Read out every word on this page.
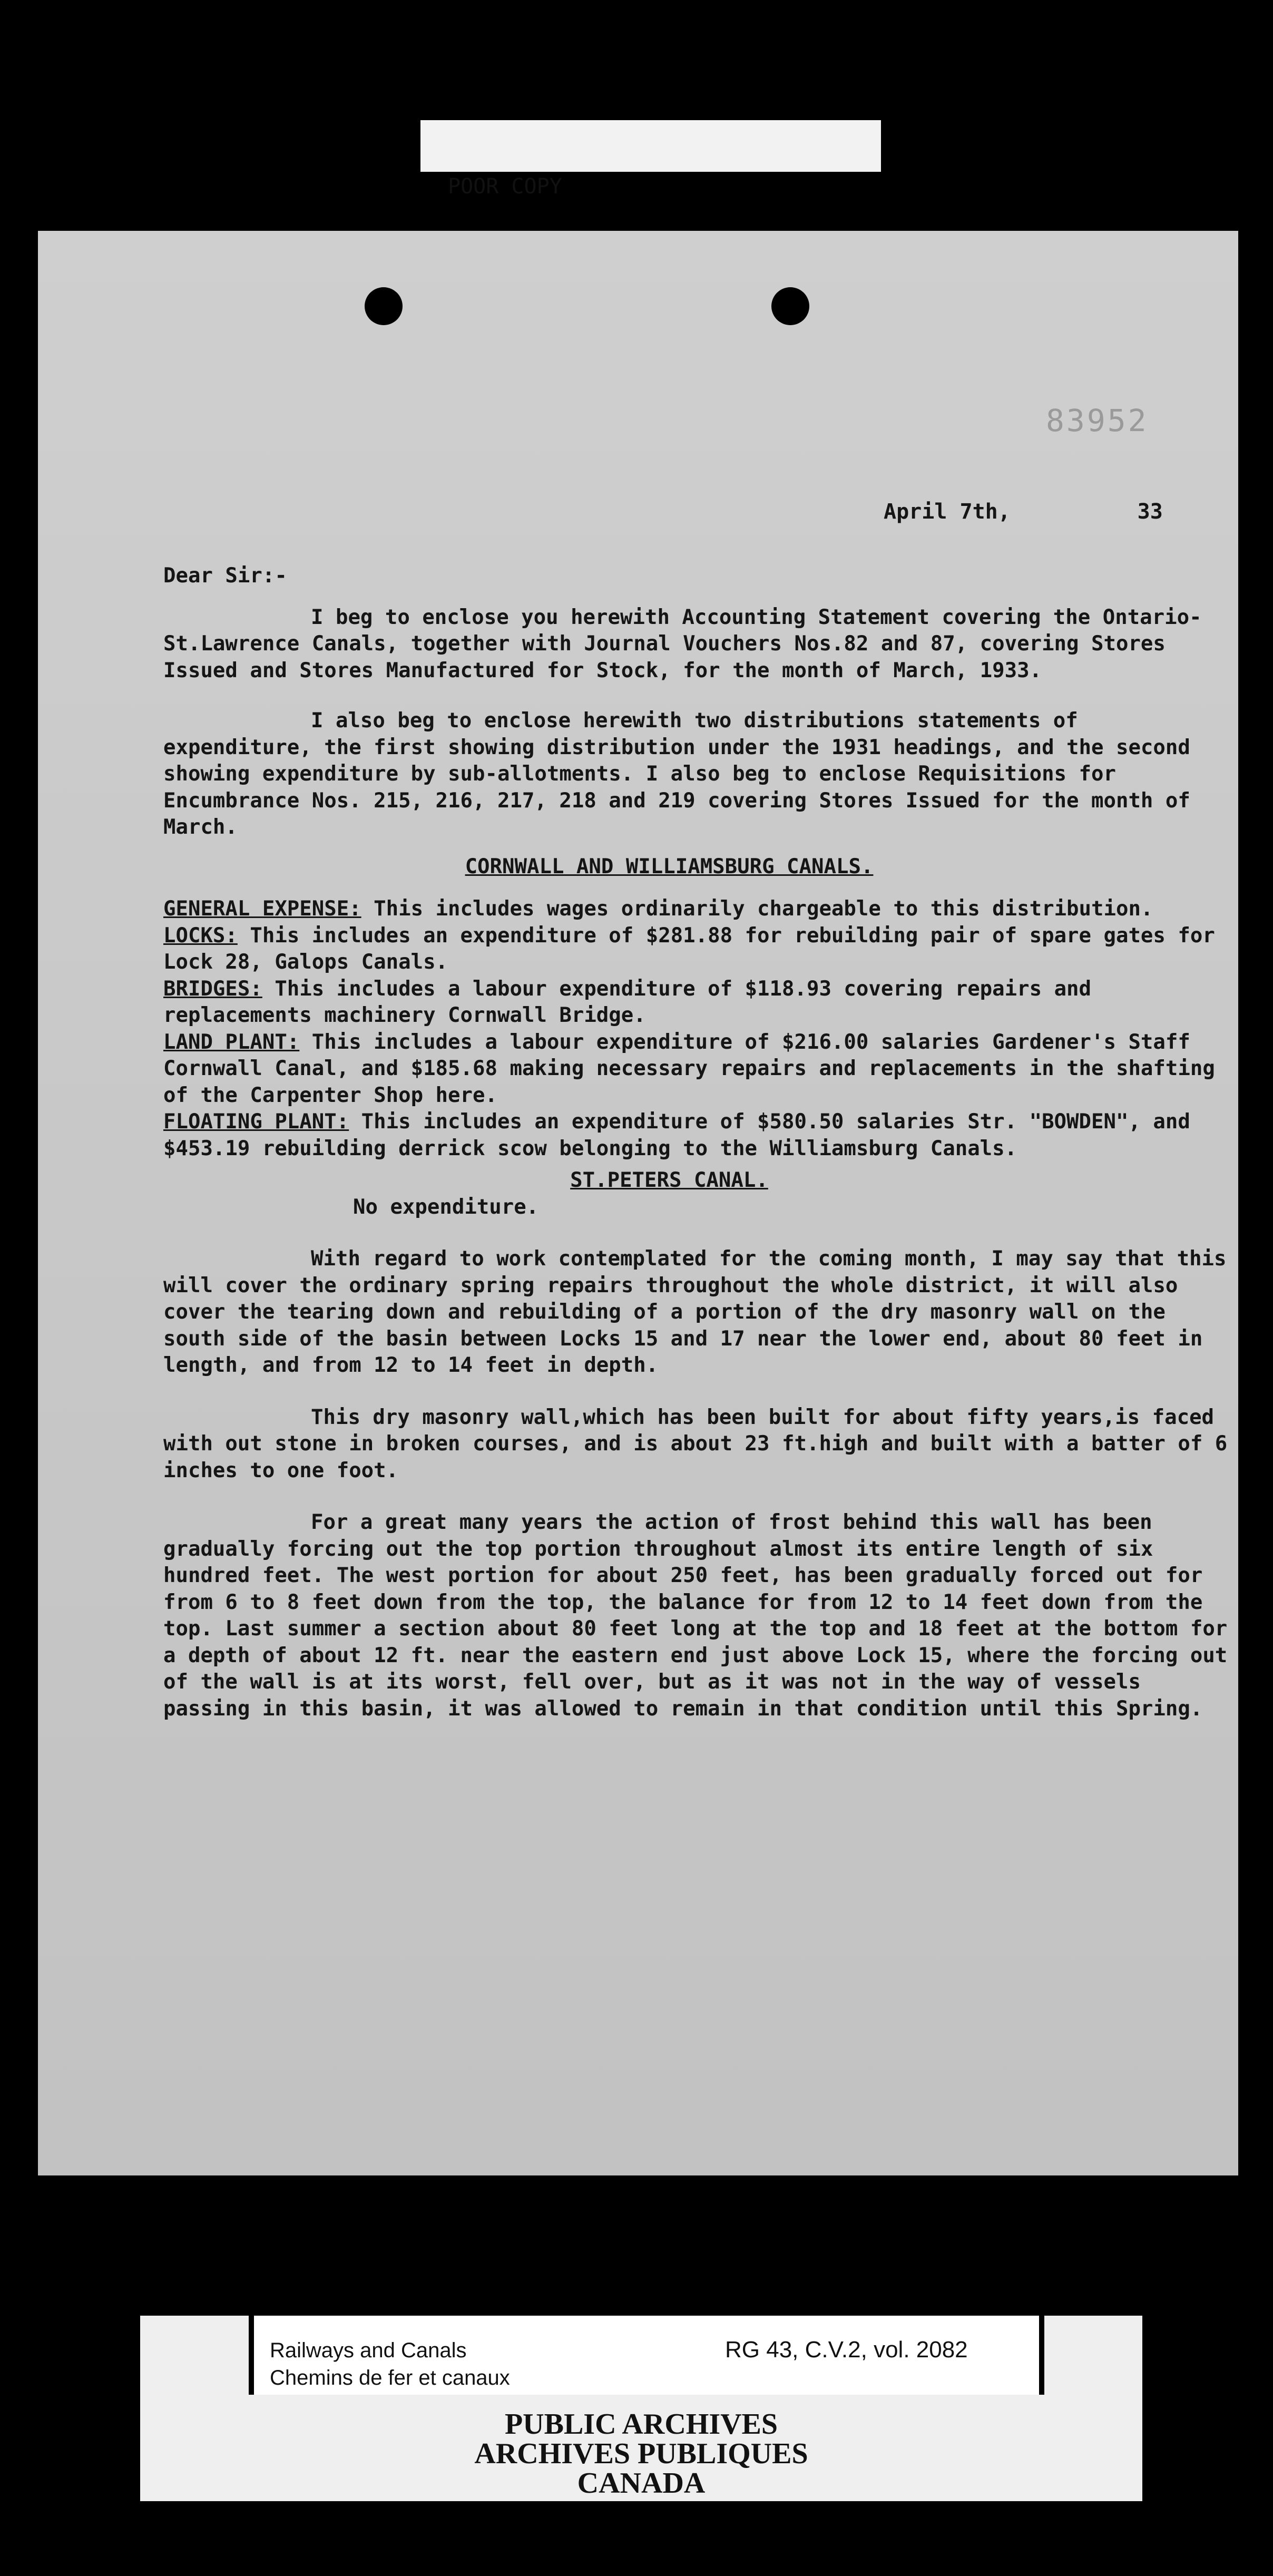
POOR COPY

83952
April 7th,          33

Dear Sir:-

I beg to enclose you herewith Accounting Statement covering the Ontario-St.Lawrence Canals, together with Journal Vouchers Nos.82 and 87, covering Stores Issued and Stores Manufactured for Stock, for the month of March, 1933.

I also beg to enclose herewith two distributions statements of expenditure, the first showing distribution under the 1931 headings, and the second showing expenditure by sub-allotments. I also beg to enclose Requisitions for Encumbrance Nos. 215, 216, 217, 218 and 219 covering Stores Issued for the month of March.

CORNWALL AND WILLIAMSBURG CANALS.

GENERAL EXPENSE: This includes wages ordinarily chargeable to this distribution.

LOCKS: This includes an expenditure of $281.88 for rebuilding pair of spare gates for Lock 28, Galops Canals.

BRIDGES: This includes a labour expenditure of $118.93 covering repairs and replacements machinery Cornwall Bridge.

LAND PLANT: This includes a labour expenditure of $216.00 salaries Gardener's Staff Cornwall Canal, and $185.68 making necessary repairs and replacements in the shafting of the Carpenter Shop here.

FLOATING PLANT: This includes an expenditure of $580.50 salaries Str. "BOWDEN", and $453.19 rebuilding derrick scow belonging to the Williamsburg Canals.

ST.PETERS CANAL.

No expenditure.

With regard to work contemplated for the coming month, I may say that this will cover the ordinary spring repairs throughout the whole district, it will also cover the tearing down and rebuilding of a portion of the dry masonry wall on the south side of the basin between Locks 15 and 17 near the lower end, about 80 feet in length, and from 12 to 14 feet in depth.

This dry masonry wall,which has been built for about fifty years,is faced with out stone in broken courses, and is about 23 ft.high and built with a batter of 6 inches to one foot.

For a great many years the action of frost behind this wall has been gradually forcing out the top portion throughout almost its entire length of six hundred feet. The west portion for about 250 feet, has been gradually forced out for from 6 to 8 feet down from the top, the balance for from 12 to 14 feet down from the top. Last summer a section about 80 feet long at the top and 18 feet at the bottom for a depth of about 12 ft. near the eastern end just above Lock 15, where the forcing out of the wall is at its worst, fell over, but as it was not in the way of vessels passing in this basin, it was allowed to remain in that condition until this Spring.

Railways and Canals
Chemins de fer et canaux
RG 43, C.V.2, vol. 2082
PUBLIC ARCHIVES
ARCHIVES PUBLIQUES
CANADA
